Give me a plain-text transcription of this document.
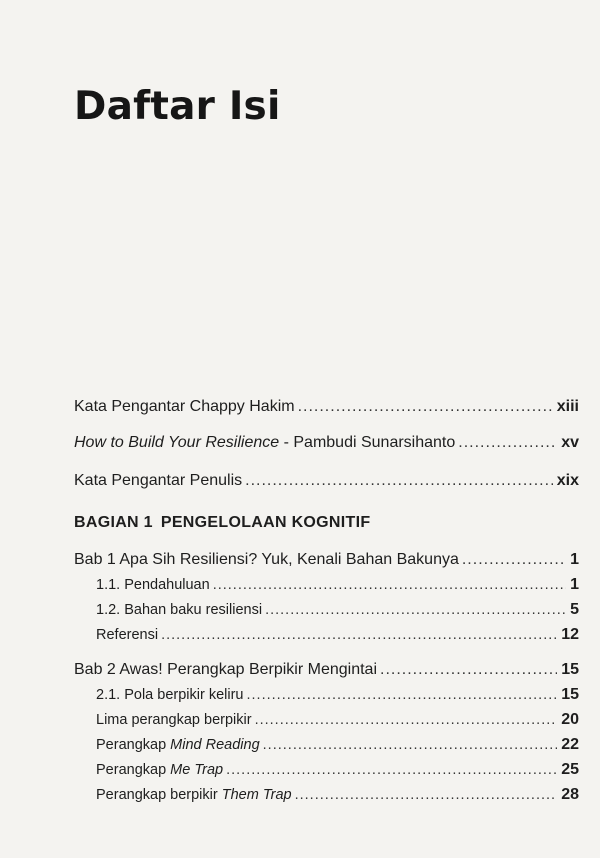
Daftar Isi
Kata Pengantar Chappy Hakim .....	xiii
How to Build Your Resilience - Pambudi Sunarsihanto .....	xv
Kata Pengantar Penulis .....	xix
BAGIAN 1 PENGELOLAAN KOGNITIF
Bab 1 Apa Sih Resiliensi? Yuk, Kenali Bahan Bakunya .....	1
1.1. Pendahuluan .....	1
1.2. Bahan baku resiliensi .....	5
Referensi .....	12
Bab 2 Awas! Perangkap Berpikir Mengintai .....	15
2.1. Pola berpikir keliru .....	15
Lima perangkap berpikir .....	20
Perangkap Mind Reading .....	22
Perangkap Me Trap .....	25
Perangkap berpikir Them Trap .....	28
